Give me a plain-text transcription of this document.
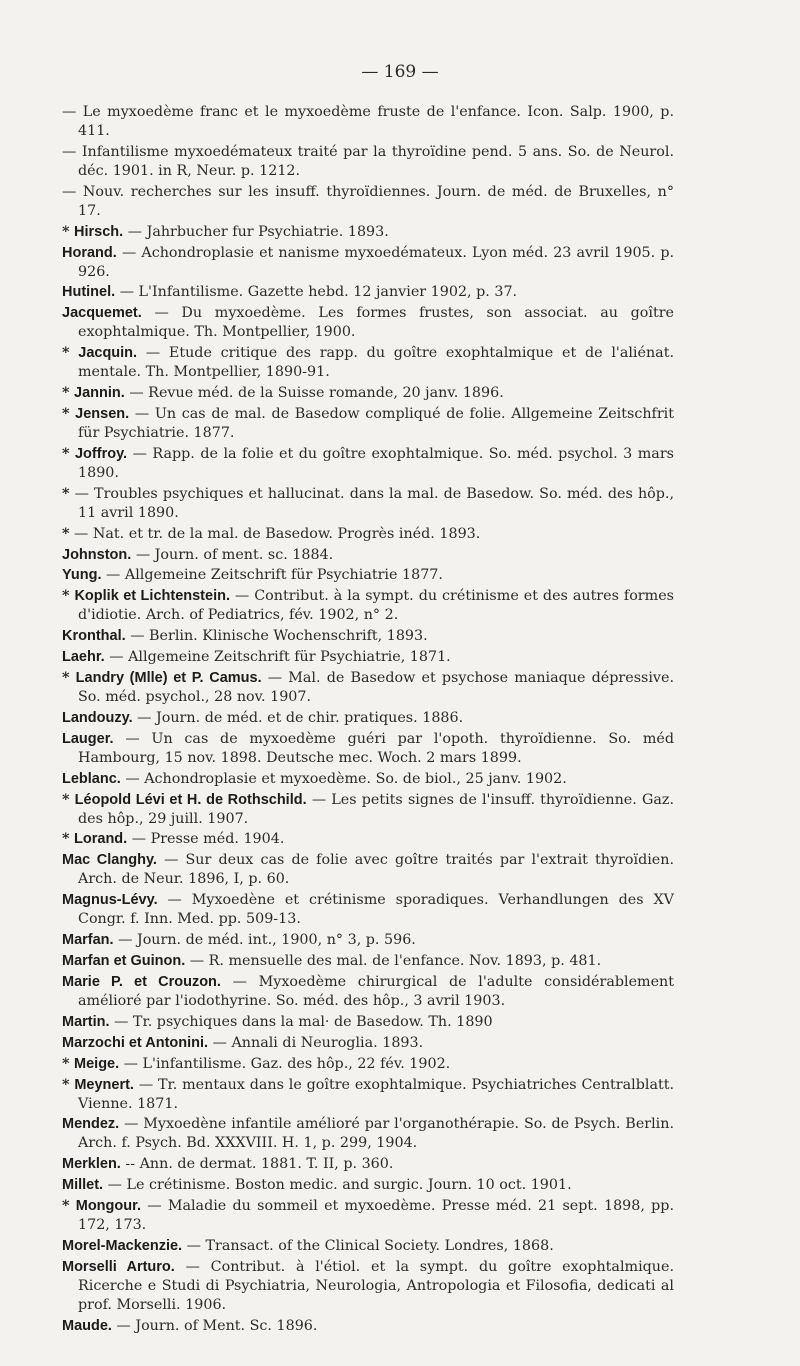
— 169 —

— Le myxoedème franc et le myxoedème fruste de l'enfance. Icon. Salp. 1900, p. 411.

— Infantilisme myxoedémateux traité par la thyroïdine pend. 5 ans. So. de Neurol. déc. 1901. in R, Neur. p. 1212.

— Nouv. recherches sur les insuff. thyroïdiennes. Journ. de méd. de Bruxelles, n° 17.

* Hirsch. — Jahrbucher fur Psychiatrie. 1893.

Horand. — Achondroplasie et nanisme myxoedémateux. Lyon méd. 23 avril 1905. p. 926.

Hutinel. — L'Infantilisme. Gazette hebd. 12 janvier 1902, p. 37.

Jacquemet. — Du myxoedème. Les formes frustes, son associat. au goître exophtalmique. Th. Montpellier, 1900.

* Jacquin. — Etude critique des rapp. du goître exophtalmique et de l'aliénat. mentale. Th. Montpellier, 1890-91.

* Jannin. — Revue méd. de la Suisse romande, 20 janv. 1896.

* Jensen. — Un cas de mal. de Basedow compliqué de folie. Allgemeine Zeitschfrit für Psychiatrie. 1877.

* Joffroy. — Rapp. de la folie et du goître exophtalmique. So. méd. psychol. 3 mars 1890.

* — Troubles psychiques et hallucinat. dans la mal. de Basedow. So. méd. des hôp., 11 avril 1890.

* — Nat. et tr. de la mal. de Basedow. Progrès inéd. 1893.

Johnston. — Journ. of ment. sc. 1884.

Yung. — Allgemeine Zeitschrift für Psychiatrie 1877.

* Koplik et Lichtenstein. — Contribut. à la sympt. du crétinisme et des autres formes d'idiotie. Arch. of Pediatrics, fév. 1902, n° 2.

Kronthal. — Berlin. Klinische Wochenschrift, 1893.

Laehr. — Allgemeine Zeitschrift für Psychiatrie, 1871.

* Landry (Mlle) et P. Camus. — Mal. de Basedow et psychose maniaque dépressive. So. méd. psychol., 28 nov. 1907.

Landouzy. — Journ. de méd. et de chir. pratiques. 1886.

Lauger. — Un cas de myxoedème guéri par l'opoth. thyroïdienne. So. méd Hambourg, 15 nov. 1898. Deutsche mec. Woch. 2 mars 1899.

Leblanc. — Achondroplasie et myxoedème. So. de biol., 25 janv. 1902.

* Léopold Lévi et H. de Rothschild. — Les petits signes de l'insuff. thyroïdienne. Gaz. des hôp., 29 juill. 1907.

* Lorand. — Presse méd. 1904.

Mac Clanghy. — Sur deux cas de folie avec goître traités par l'extrait thyroïdien. Arch. de Neur. 1896, I, p. 60.

Magnus-Lévy. — Myxoedène et crétinisme sporadiques. Verhandlungen des XV Congr. f. Inn. Med. pp. 509-13.

Marfan. — Journ. de méd. int., 1900, n° 3, p. 596.

Marfan et Guinon. — R. mensuelle des mal. de l'enfance. Nov. 1893, p. 481.

Marie P. et Crouzon. — Myxoedème chirurgical de l'adulte considérablement amélioré par l'iodothyrine. So. méd. des hôp., 3 avril 1903.

Martin. — Tr. psychiques dans la mal· de Basedow. Th. 1890

Marzochi et Antonini. — Annali di Neuroglia. 1893.

* Meige. — L'infantilisme. Gaz. des hôp., 22 fév. 1902.

* Meynert. — Tr. mentaux dans le goître exophtalmique. Psychiatriches Centralblatt. Vienne. 1871.

Mendez. — Myxoedène infantile amélioré par l'organothérapie. So. de Psych. Berlin. Arch. f. Psych. Bd. XXXVIII. H. 1, p. 299, 1904.

Merklen. -- Ann. de dermat. 1881. T. II, p. 360.

Millet. — Le crétinisme. Boston medic. and surgic. Journ. 10 oct. 1901.

* Mongour. — Maladie du sommeil et myxoedème. Presse méd. 21 sept. 1898, pp. 172, 173.

Morel-Mackenzie. — Transact. of the Clinical Society. Londres, 1868.

Morselli Arturo. — Contribut. à l'étiol. et la sympt. du goître exophtalmique. Ricerche e Studi di Psychiatria, Neurologia, Antropologia et Filosofia, dedicati al prof. Morselli. 1906.

Maude. — Journ. of Ment. Sc. 1896.
